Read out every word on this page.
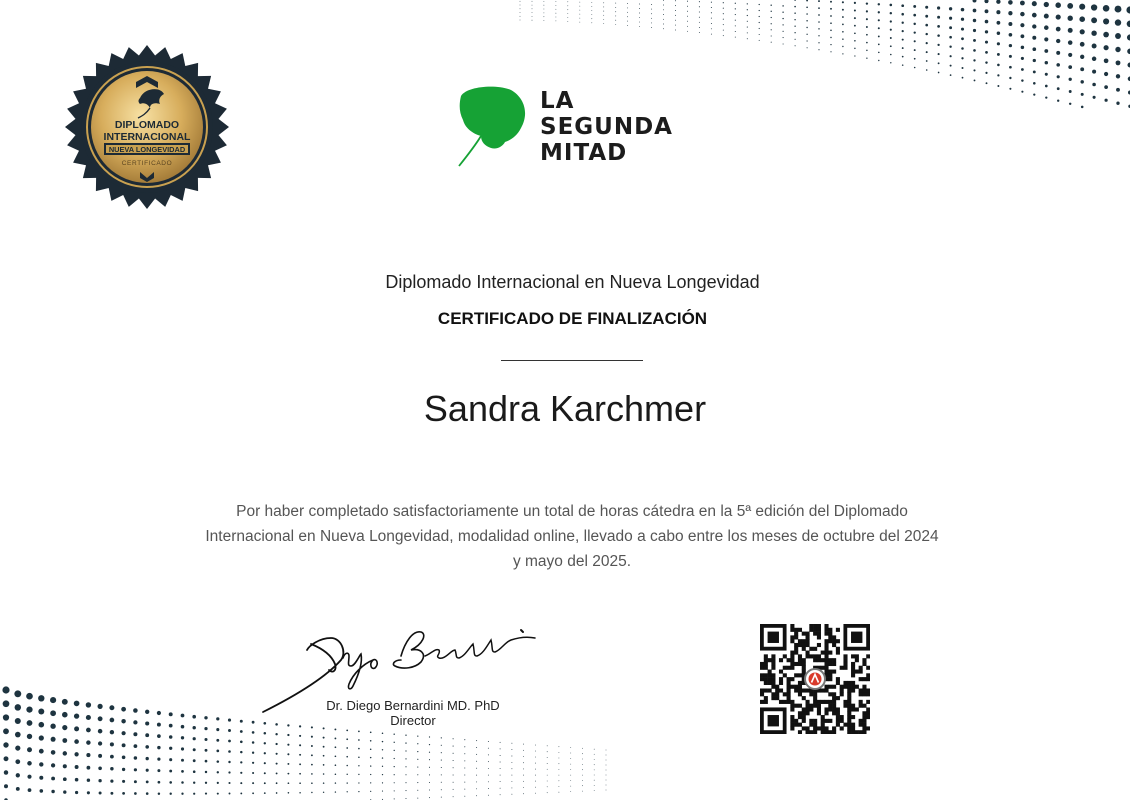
DIPLOMADO
INTERNACIONAL
NUEVA LONGEVIDAD
CERTIFICADO
LA
SEGUNDA
MITAD
Diplomado Internacional en Nueva Longevidad
CERTIFICADO DE FINALIZACIÓN
Sandra Karchmer
Por haber completado satisfactoriamente un total de horas cátedra en la 5ª edición del Diplomado Internacional en Nueva Longevidad, modalidad online, llevado a cabo entre los meses de octubre del 2024 y mayo del 2025.
Dr. Diego Bernardini MD. PhD
Director
